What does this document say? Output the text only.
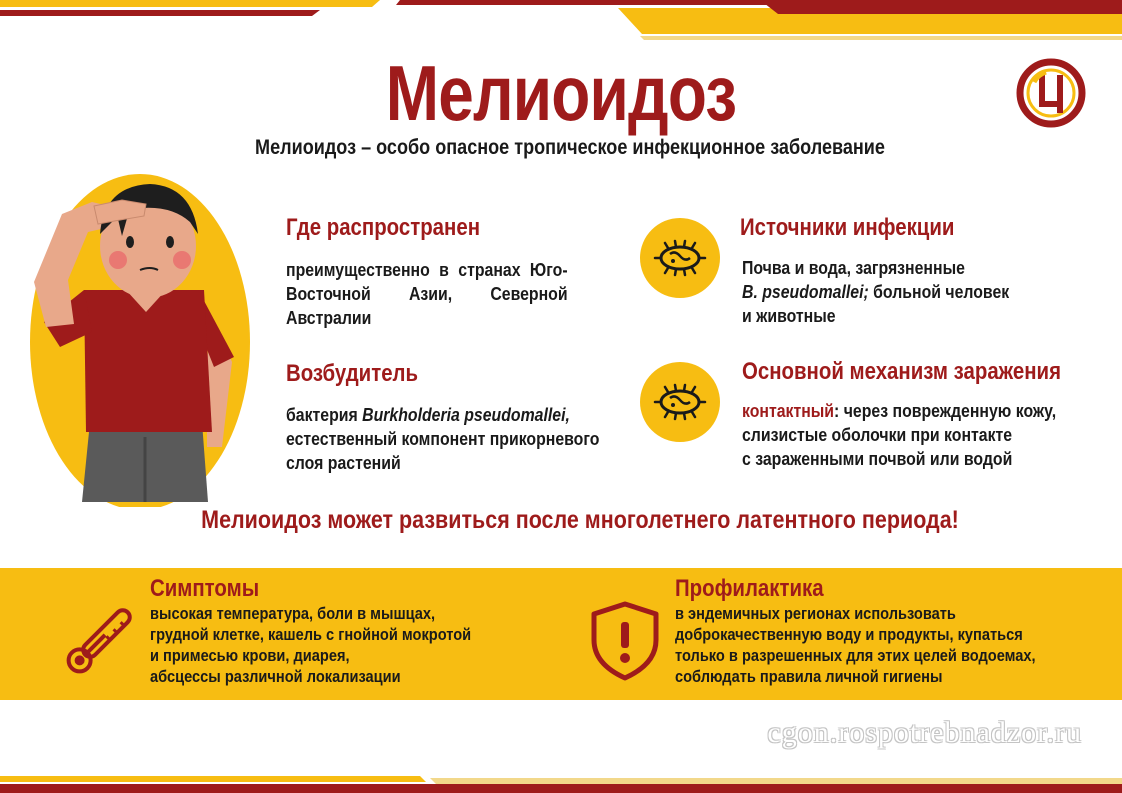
Мелиоидоз
Мелиоидоз – особо опасное тропическое инфекционное заболевание
Где распространен
преимущественно в странах Юго-Восточной Азии, Северной Австралии
Возбудитель
бактерия Burkholderia pseudomallei, естественный компонент прикорневого слоя растений
Источники инфекции
Почва и вода, загрязненные
B. pseudomallei; больной человек
и животные
Основной механизм заражения
контактный: через поврежденную кожу,
слизистые оболочки при контакте
с зараженными почвой или водой
Мелиоидоз может развиться после многолетнего латентного периода!
Симптомы
высокая температура, боли в мышцах,
грудной клетке, кашель с гнойной мокротой
и примесью крови, диарея,
абсцессы различной локализации
Профилактика
в эндемичных регионах использовать
доброкачественную воду и продукты, купаться
только в разрешенных для этих целей водоемах,
соблюдать правила личной гигиены
cgon.rospotrebnadzor.ru
